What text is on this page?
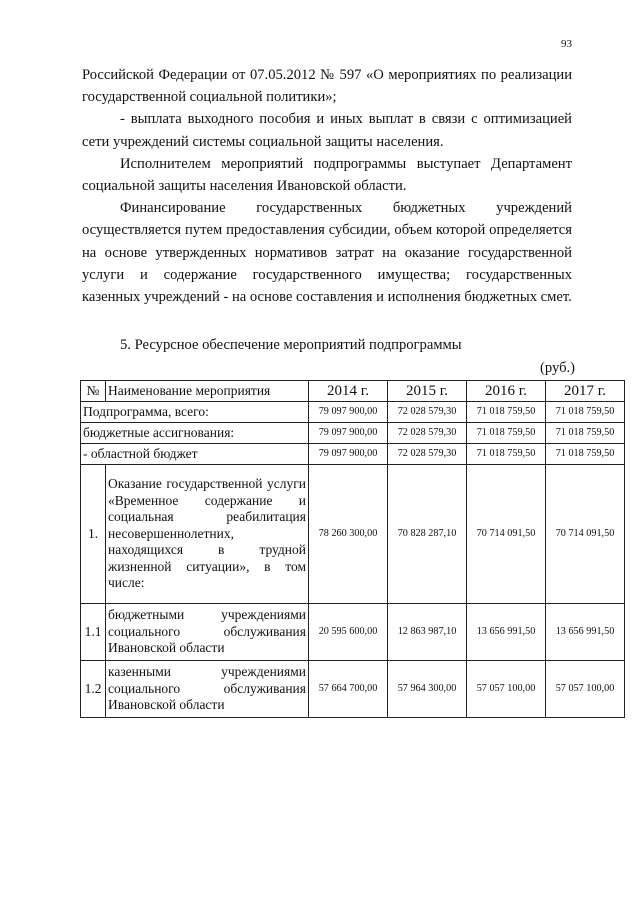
93

Российской Федерации от 07.05.2012 № 597 «О мероприятиях по реализации государственной социальной политики»;

- выплата выходного пособия и иных выплат в связи с оптимизацией сети учреждений системы социальной защиты населения.

Исполнителем мероприятий подпрограммы выступает Департамент социальной защиты населения Ивановской области.

Финансирование государственных бюджетных учреждений осуществляется путем предоставления субсидии, объем которой определяется на основе утвержденных нормативов затрат на оказание государственной услуги и содержание государственного имущества; государственных казенных учреждений - на основе составления и исполнения бюджетных смет.

5. Ресурсное обеспечение мероприятий подпрограммы
(руб.)
№	Наименование мероприятия	2014 г.	2015 г.	2016 г.	2017 г.
Подпрограмма, всего:		79 097 900,00	72 028 579,30	71 018 759,50	71 018 759,50
бюджетные ассигнования:		79 097 900,00	72 028 579,30	71 018 759,50	71 018 759,50
- областной бюджет		79 097 900,00	72 028 579,30	71 018 759,50	71 018 759,50
1.	Оказание государственной услуги «Временное содержание и социальная реабилитация несовершеннолетних, находящихся в трудной жизненной ситуации», в том числе:	78 260 300,00	70 828 287,10	70 714 091,50	70 714 091,50
1.1	бюджетными учреждениями социального обслуживания Ивановской области	20 595 600,00	12 863 987,10	13 656 991,50	13 656 991,50
1.2	казенными учреждениями социального обслуживания Ивановской области	57 664 700,00	57 964 300,00	57 057 100,00	57 057 100,00
